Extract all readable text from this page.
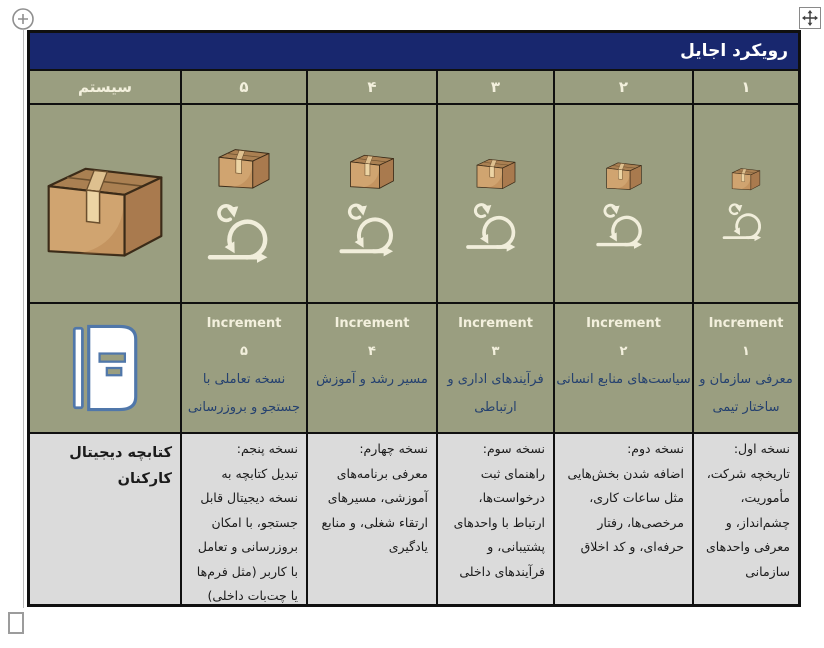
رویکرد اجایل
۱
۲
۳
۴
۵
سیستم
Increment
۱
معرفی سازمان و ساختار تیمی
Increment
۲
سیاست‌های منابع انسانی
Increment
۳
فرآیندهای اداری و ارتباطی
Increment
۴
مسیر رشد و آموزش
Increment
۵
نسخه تعاملی با جستجو و بروزرسانی
نسخه اول:
تاریخچه شرکت، مأموریت، چشم‌انداز، و معرفی واحدهای سازمانی
نسخه دوم:
اضافه شدن بخش‌هایی مثل ساعات کاری، مرخصی‌ها، رفتار حرفه‌ای، و کد اخلاق
نسخه سوم:
راهنمای ثبت درخواست‌ها، ارتباط با واحدهای پشتیبانی، و فرآیندهای داخلی
نسخه چهارم:
معرفی برنامه‌های آموزشی، مسیرهای ارتقاء شغلی، و منابع یادگیری
نسخه پنجم:
تبدیل کتابچه به نسخه دیجیتال قابل جستجو، با امکان بروزرسانی و تعامل با کاربر (مثل فرم‌ها یا چت‌بات داخلی)
کتابچه دیجیتال کارکنان
